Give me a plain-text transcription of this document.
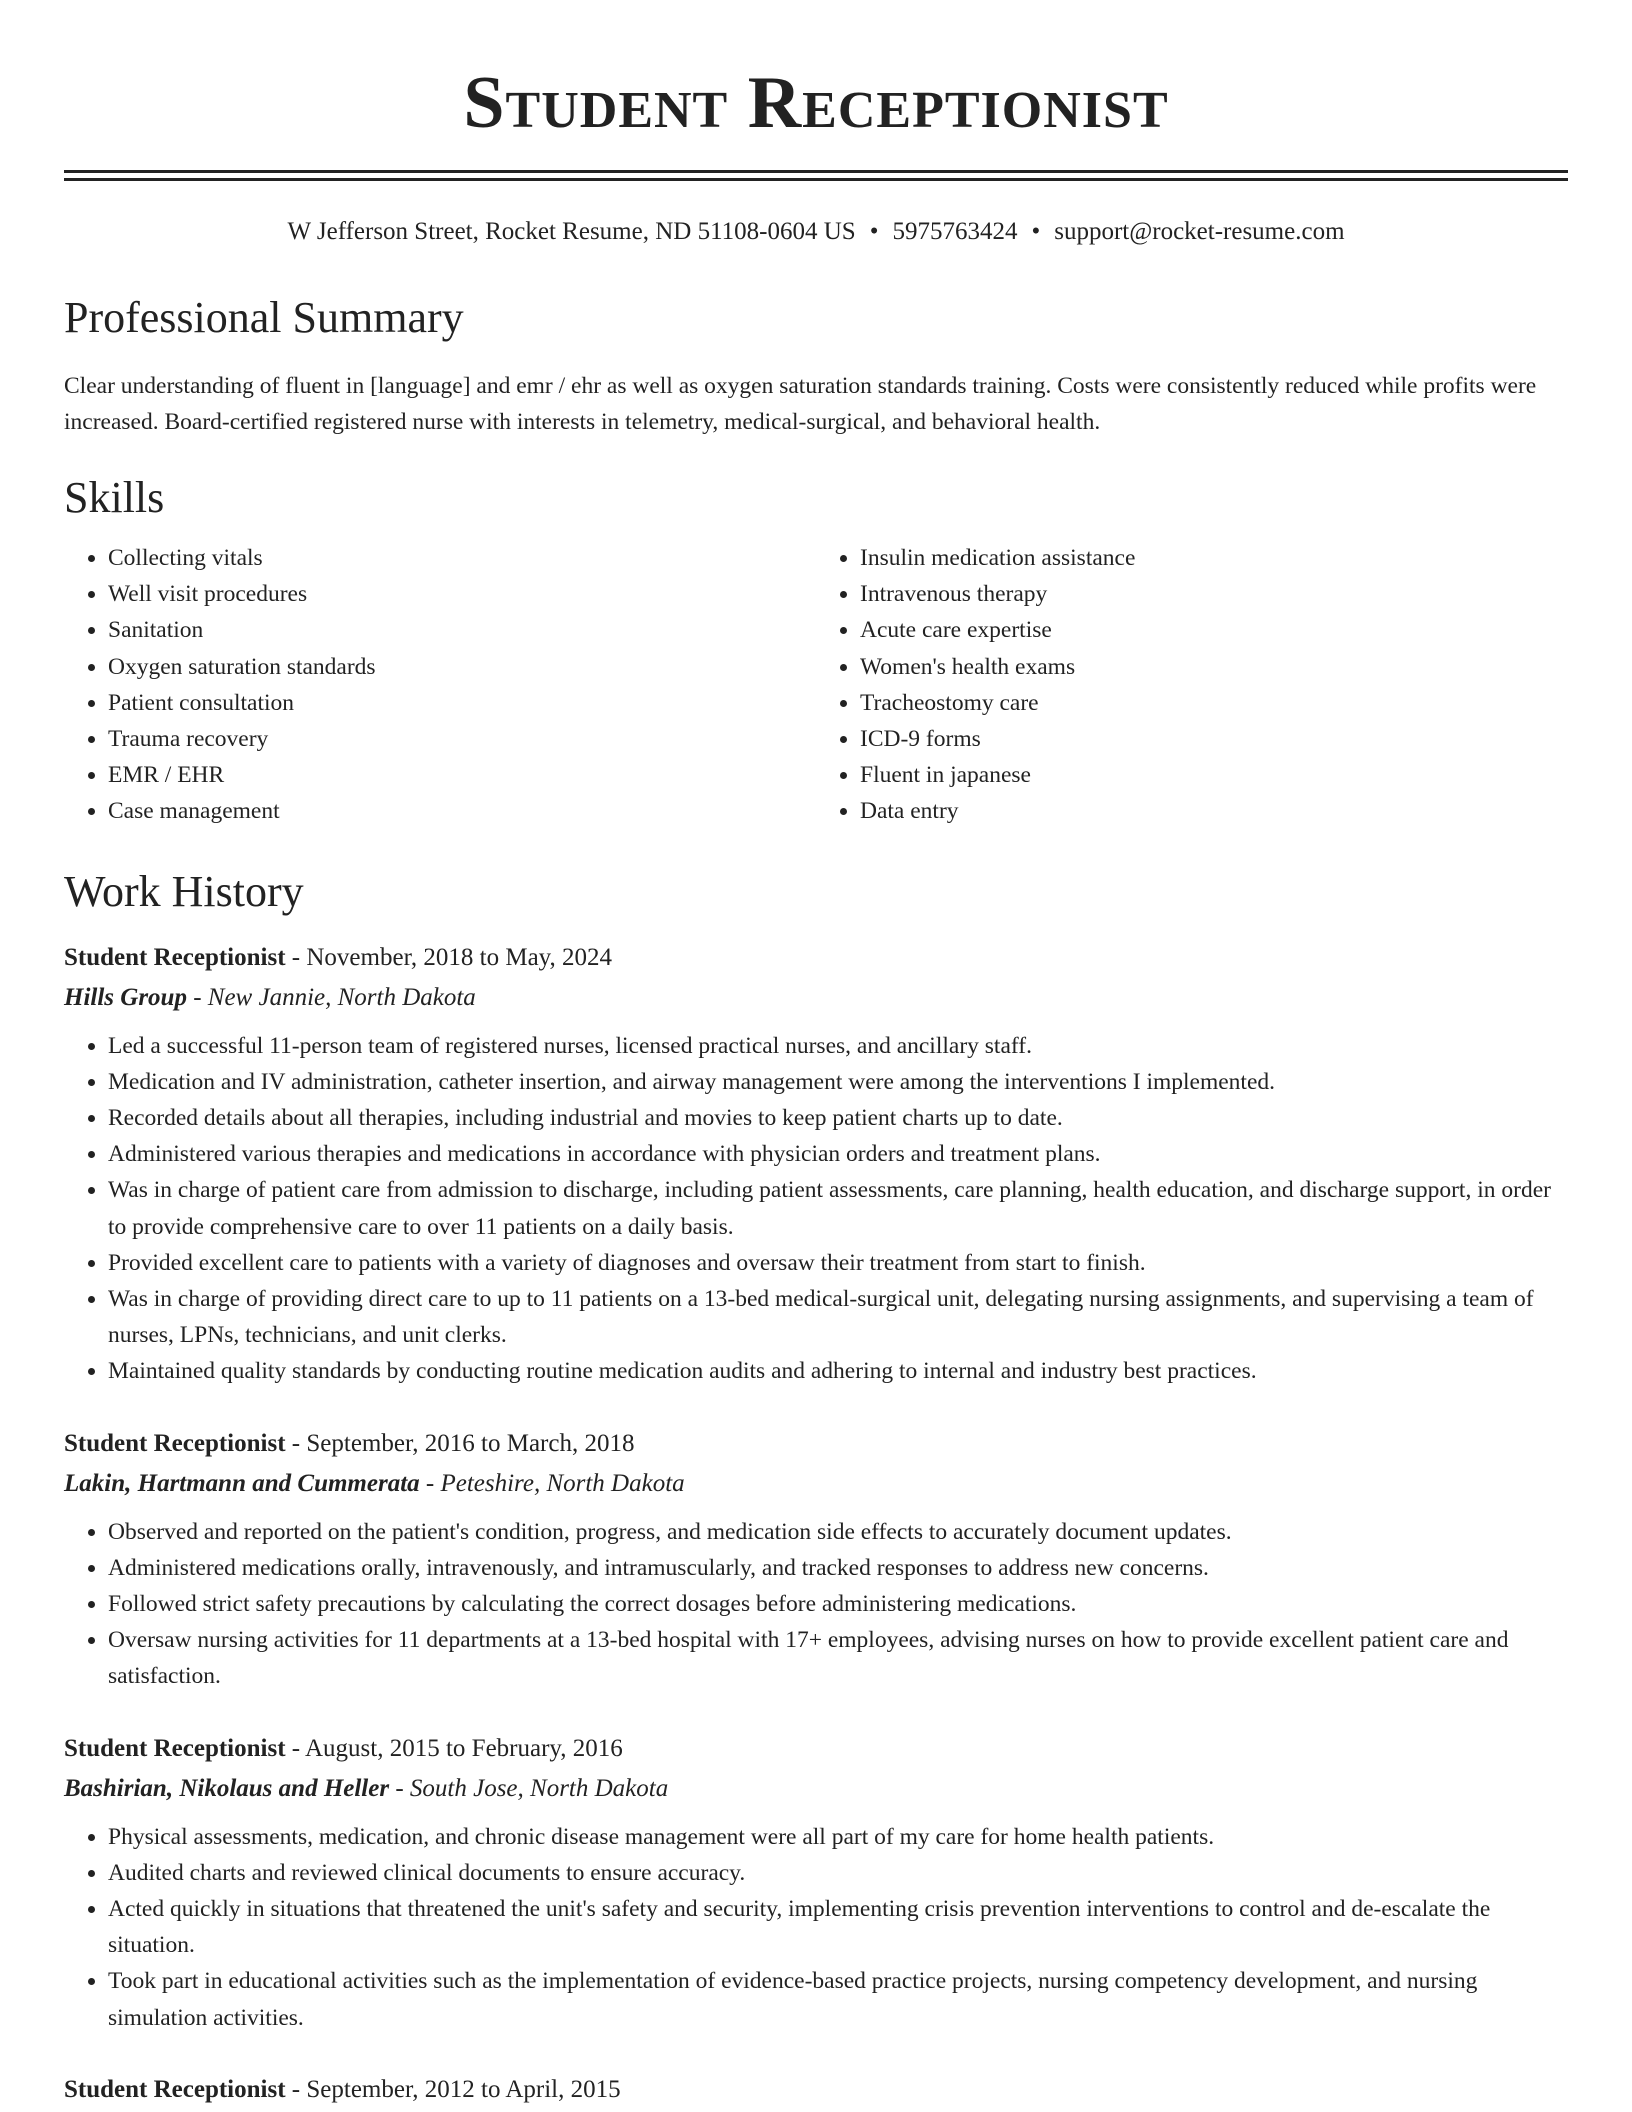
Student Receptionist
W Jefferson Street, Rocket Resume, ND 51108-0604 US • 5975763424 • support@rocket-resume.com
Professional Summary

Clear understanding of fluent in [language] and emr / ehr as well as oxygen saturation standards training. Costs were consistently reduced while profits were increased. Board-certified registered nurse with interests in telemetry, medical-surgical, and behavioral health.

Skills
• Collecting vitals
• Well visit procedures
• Sanitation
• Oxygen saturation standards
• Patient consultation
• Trauma recovery
• EMR / EHR
• Case management
• Insulin medication assistance
• Intravenous therapy
• Acute care expertise
• Women's health exams
• Tracheostomy care
• ICD-9 forms
• Fluent in japanese
• Data entry
Work History
Student Receptionist - November, 2018 to May, 2024
Hills Group - New Jannie, North Dakota
• Led a successful 11-person team of registered nurses, licensed practical nurses, and ancillary staff.
• Medication and IV administration, catheter insertion, and airway management were among the interventions I implemented.
• Recorded details about all therapies, including industrial and movies to keep patient charts up to date.
• Administered various therapies and medications in accordance with physician orders and treatment plans.
• Was in charge of patient care from admission to discharge, including patient assessments, care planning, health education, and discharge support, in order to provide comprehensive care to over 11 patients on a daily basis.
• Provided excellent care to patients with a variety of diagnoses and oversaw their treatment from start to finish.
• Was in charge of providing direct care to up to 11 patients on a 13-bed medical-surgical unit, delegating nursing assignments, and supervising a team of nurses, LPNs, technicians, and unit clerks.
• Maintained quality standards by conducting routine medication audits and adhering to internal and industry best practices.
Student Receptionist - September, 2016 to March, 2018
Lakin, Hartmann and Cummerata - Peteshire, North Dakota
• Observed and reported on the patient's condition, progress, and medication side effects to accurately document updates.
• Administered medications orally, intravenously, and intramuscularly, and tracked responses to address new concerns.
• Followed strict safety precautions by calculating the correct dosages before administering medications.
• Oversaw nursing activities for 11 departments at a 13-bed hospital with 17+ employees, advising nurses on how to provide excellent patient care and satisfaction.
Student Receptionist - August, 2015 to February, 2016
Bashirian, Nikolaus and Heller - South Jose, North Dakota
• Physical assessments, medication, and chronic disease management were all part of my care for home health patients.
• Audited charts and reviewed clinical documents to ensure accuracy.
• Acted quickly in situations that threatened the unit's safety and security, implementing crisis prevention interventions to control and de-escalate the situation.
• Took part in educational activities such as the implementation of evidence-based practice projects, nursing competency development, and nursing simulation activities.
Student Receptionist - September, 2012 to April, 2015
